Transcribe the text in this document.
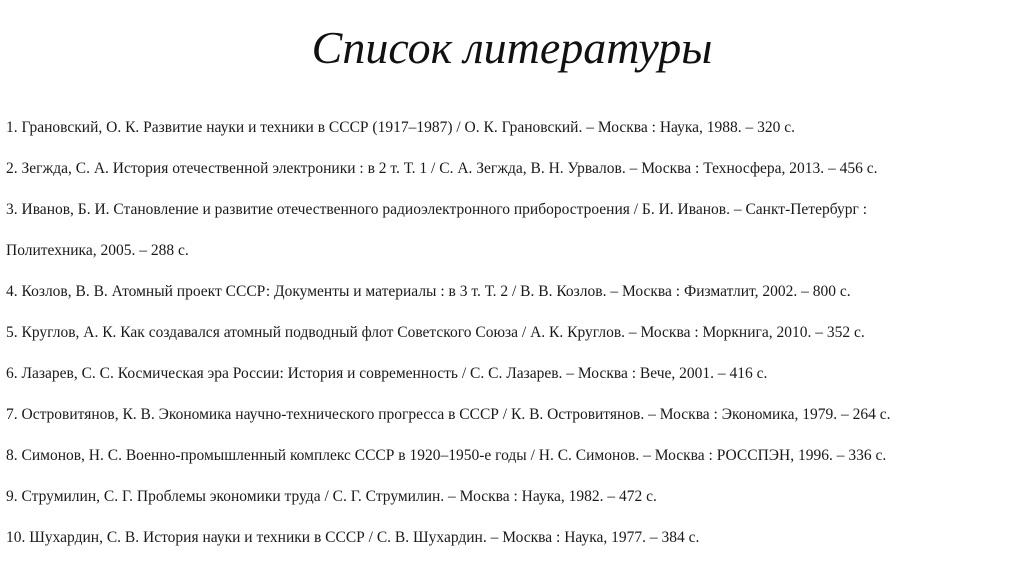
Список литературы
1. Грановский, О. К. Развитие науки и техники в СССР (1917–1987) / О. К. Грановский. – Москва : Наука, 1988. – 320 с.
2. Зегжда, С. А. История отечественной электроники : в 2 т. Т. 1 / С. А. Зегжда, В. Н. Урвалов. – Москва : Техносфера, 2013. – 456 с.
3. Иванов, Б. И. Становление и развитие отечественного радиоэлектронного приборостроения / Б. И. Иванов. – Санкт-Петербург :
Политехника, 2005. – 288 с.
4. Козлов, В. В. Атомный проект СССР: Документы и материалы : в 3 т. Т. 2 / В. В. Козлов. – Москва : Физматлит, 2002. – 800 с.
5. Круглов, А. К. Как создавался атомный подводный флот Советского Союза / А. К. Круглов. – Москва : Моркнига, 2010. – 352 с.
6. Лазарев, С. С. Космическая эра России: История и современность / С. С. Лазарев. – Москва : Вече, 2001. – 416 с.
7. Островитянов, К. В. Экономика научно-технического прогресса в СССР / К. В. Островитянов. – Москва : Экономика, 1979. – 264 с.
8. Симонов, Н. С. Военно-промышленный комплекс СССР в 1920–1950-е годы / Н. С. Симонов. – Москва : РОССПЭН, 1996. – 336 с.
9. Струмилин, С. Г. Проблемы экономики труда / С. Г. Струмилин. – Москва : Наука, 1982. – 472 с.
10. Шухардин, С. В. История науки и техники в СССР / С. В. Шухардин. – Москва : Наука, 1977. – 384 с.
